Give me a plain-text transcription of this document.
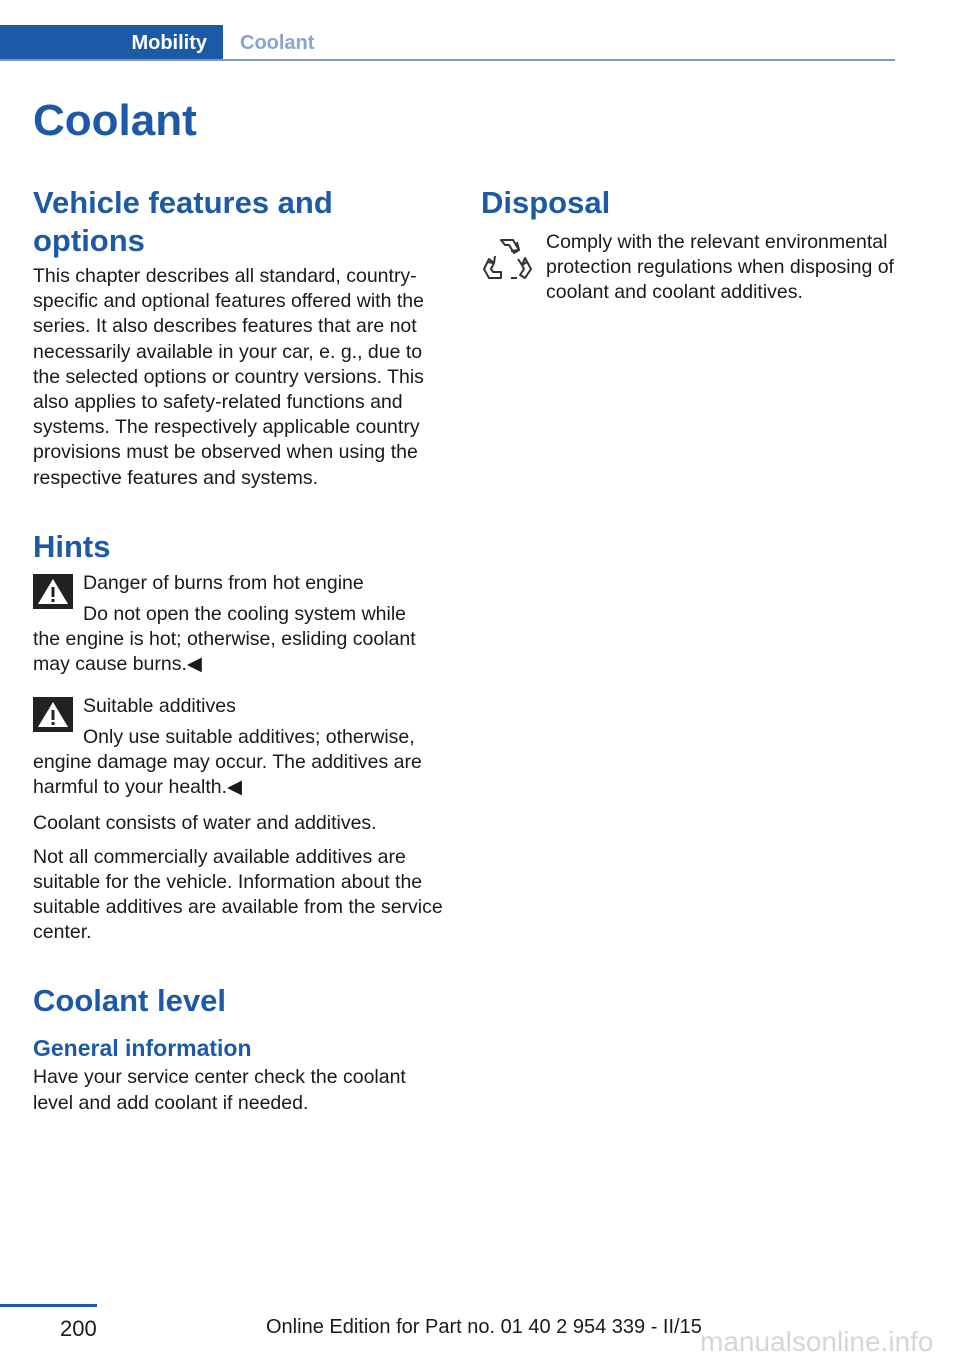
Mobility	Coolant
Coolant
Vehicle features and options

This chapter describes all standard, country-specific and optional features offered with the series. It also describes features that are not necessarily available in your car, e. g., due to the selected options or country versions. This also applies to safety-related functions and systems. The respectively applicable country provisions must be observed when using the respective features and systems.

Hints

Danger of burns from hot engine

Do not open the cooling system while

the engine is hot; otherwise, esliding coolant may cause burns.◀

Suitable additives

Only use suitable additives; otherwise,

engine damage may occur. The additives are harmful to your health.◀

Coolant consists of water and additives.

Not all commercially available additives are suitable for the vehicle. Information about the suitable additives are available from the service center.

Coolant level
General information

Have your service center check the coolant level and add coolant if needed.

Disposal

Comply with the relevant environmental protection regulations when disposing of coolant and coolant additives.

200	Online Edition for Part no. 01 40 2 954 339 - II/15
manualsonline.info
